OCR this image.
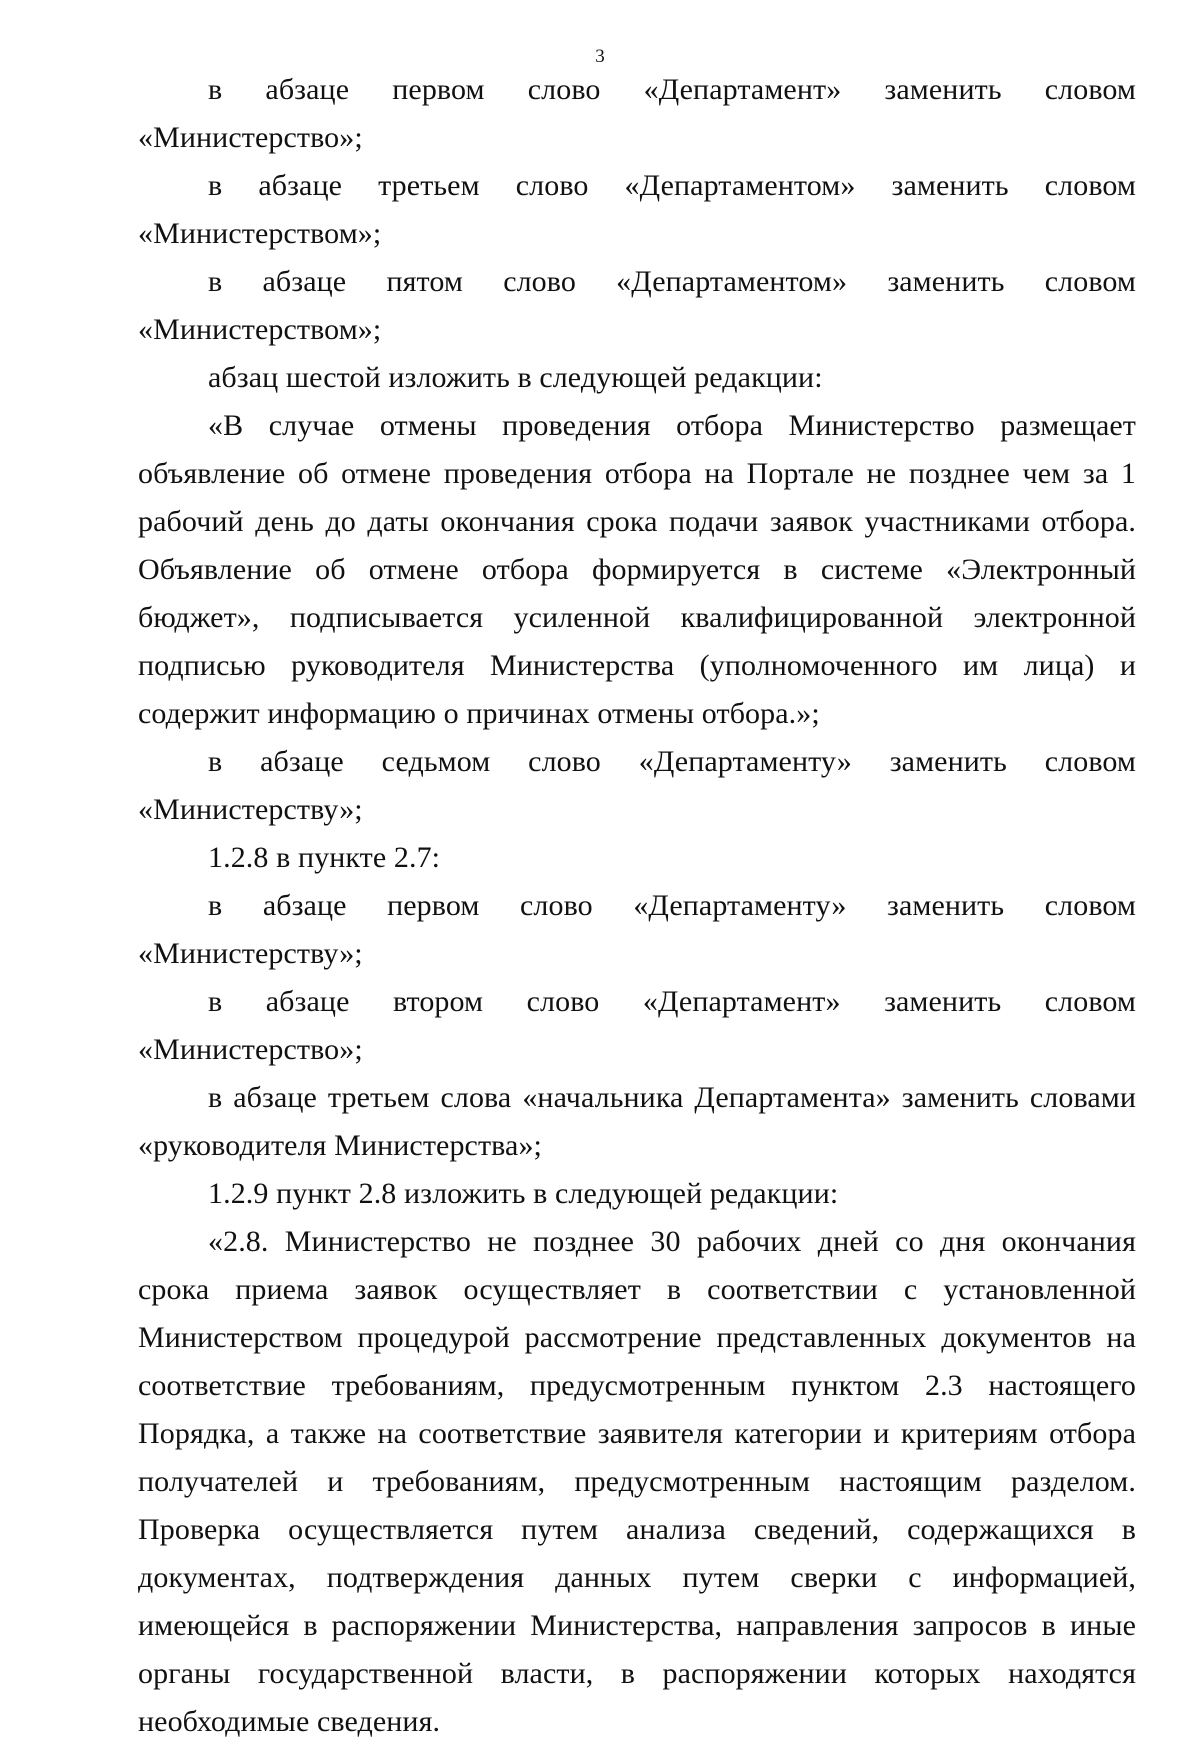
3

в абзаце первом слово «Департамент» заменить словом «Министерство»;

в абзаце третьем слово «Департаментом» заменить словом «Министерством»;

в абзаце пятом слово «Департаментом» заменить словом «Министерством»;

абзац шестой изложить в следующей редакции:

«В случае отмены проведения отбора Министерство размещает объявление об отмене проведения отбора на Портале не позднее чем за 1 рабочий день до даты окончания срока подачи заявок участниками отбора. Объявление об отмене отбора формируется в системе «Электронный бюджет», подписывается усиленной квалифицированной электронной подписью руководителя Министерства (уполномоченного им лица) и содержит информацию о причинах отмены отбора.»;

в абзаце седьмом слово «Департаменту» заменить словом «Министерству»;

1.2.8 в пункте 2.7:

в абзаце первом слово «Департаменту» заменить словом «Министерству»;

в абзаце втором слово «Департамент» заменить словом «Министерство»;

в абзаце третьем слова «начальника Департамента» заменить словами «руководителя Министерства»;

1.2.9 пункт 2.8 изложить в следующей редакции:

«2.8. Министерство не позднее 30 рабочих дней со дня окончания срока приема заявок осуществляет в соответствии с установленной Министерством процедурой рассмотрение представленных документов на соответствие требованиям, предусмотренным пунктом 2.3 настоящего Порядка, а также на соответствие заявителя категории и критериям отбора получателей и требованиям, предусмотренным настоящим разделом. Проверка осуществляется путем анализа сведений, содержащихся в документах, подтверждения данных путем сверки с информацией, имеющейся в распоряжении Министерства, направления запросов в иные органы государственной власти, в распоряжении которых находятся необходимые сведения.
